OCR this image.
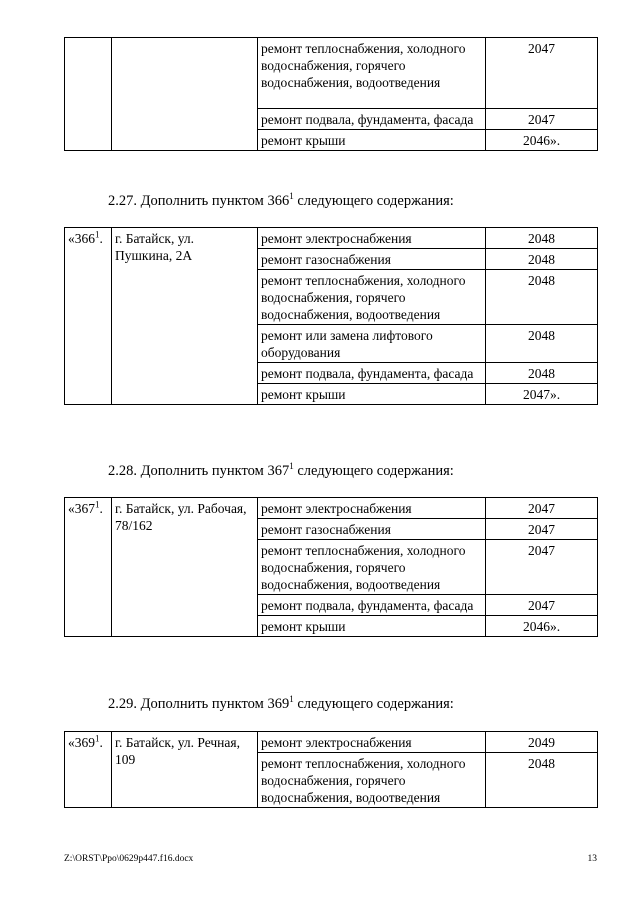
		ремонт теплоснабжения, холодного водоснабжения, горячего водоснабжения, водоотведения	2047
		ремонт подвала, фундамента, фасада	2047
		ремонт крыши	2046».
2.27. Дополнить пунктом $366^1$ следующего содержания:
«$366^1$.	г. Батайск, ул. Пушкина, 2А	ремонт электроснабжения	2048
		ремонт газоснабжения	2048
		ремонт теплоснабжения, холодного водоснабжения, горячего водоснабжения, водоотведения	2048
		ремонт или замена лифтового оборудования	2048
		ремонт подвала, фундамента, фасада	2048
		ремонт крыши	2047».
2.28. Дополнить пунктом $367^1$ следующего содержания:
«$367^1$.	г. Батайск, ул. Рабочая, 78/162	ремонт электроснабжения	2047
		ремонт газоснабжения	2047
		ремонт теплоснабжения, холодного водоснабжения, горячего водоснабжения, водоотведения	2047
		ремонт подвала, фундамента, фасада	2047
		ремонт крыши	2046».
2.29. Дополнить пунктом $369^1$ следующего содержания:
«$369^1$.	г. Батайск, ул. Речная, 109	ремонт электроснабжения	2049
		ремонт теплоснабжения, холодного водоснабжения, горячего водоснабжения, водоотведения	2048
Z:\ORST\Ppo\0629p447.f16.docx	13
